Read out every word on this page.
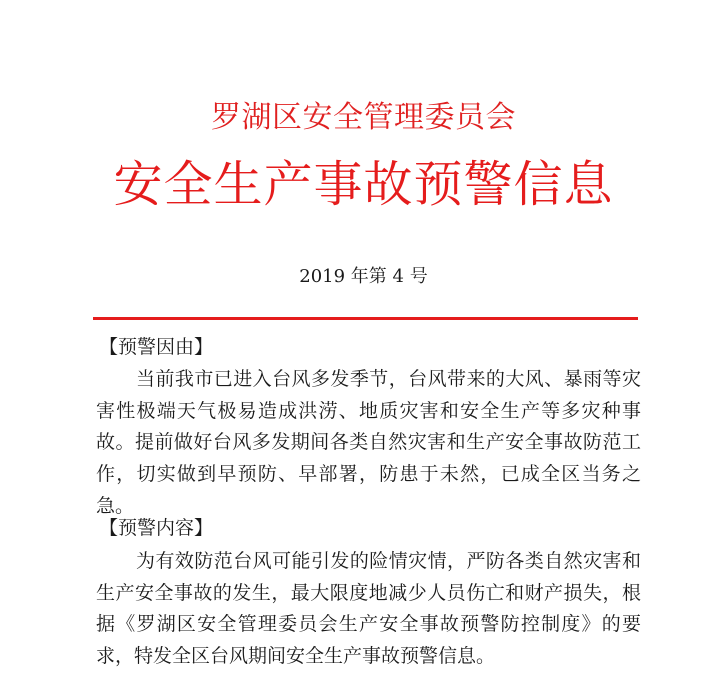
罗湖区安全管理委员会
安全生产事故预警信息
2019 年第 4 号
【预警因由】
当前我市已进入台风多发季节，台风带来的大风、暴雨等灾害性极端天气极易造成洪涝、地质灾害和安全生产等多灾种事故。提前做好台风多发期间各类自然灾害和生产安全事故防范工作，切实做到早预防、早部署，防患于未然，已成全区当务之急。
【预警内容】
为有效防范台风可能引发的险情灾情，严防各类自然灾害和生产安全事故的发生，最大限度地减少人员伤亡和财产损失，根据《罗湖区安全管理委员会生产安全事故预警防控制度》的要求，特发全区台风期间安全生产事故预警信息。
